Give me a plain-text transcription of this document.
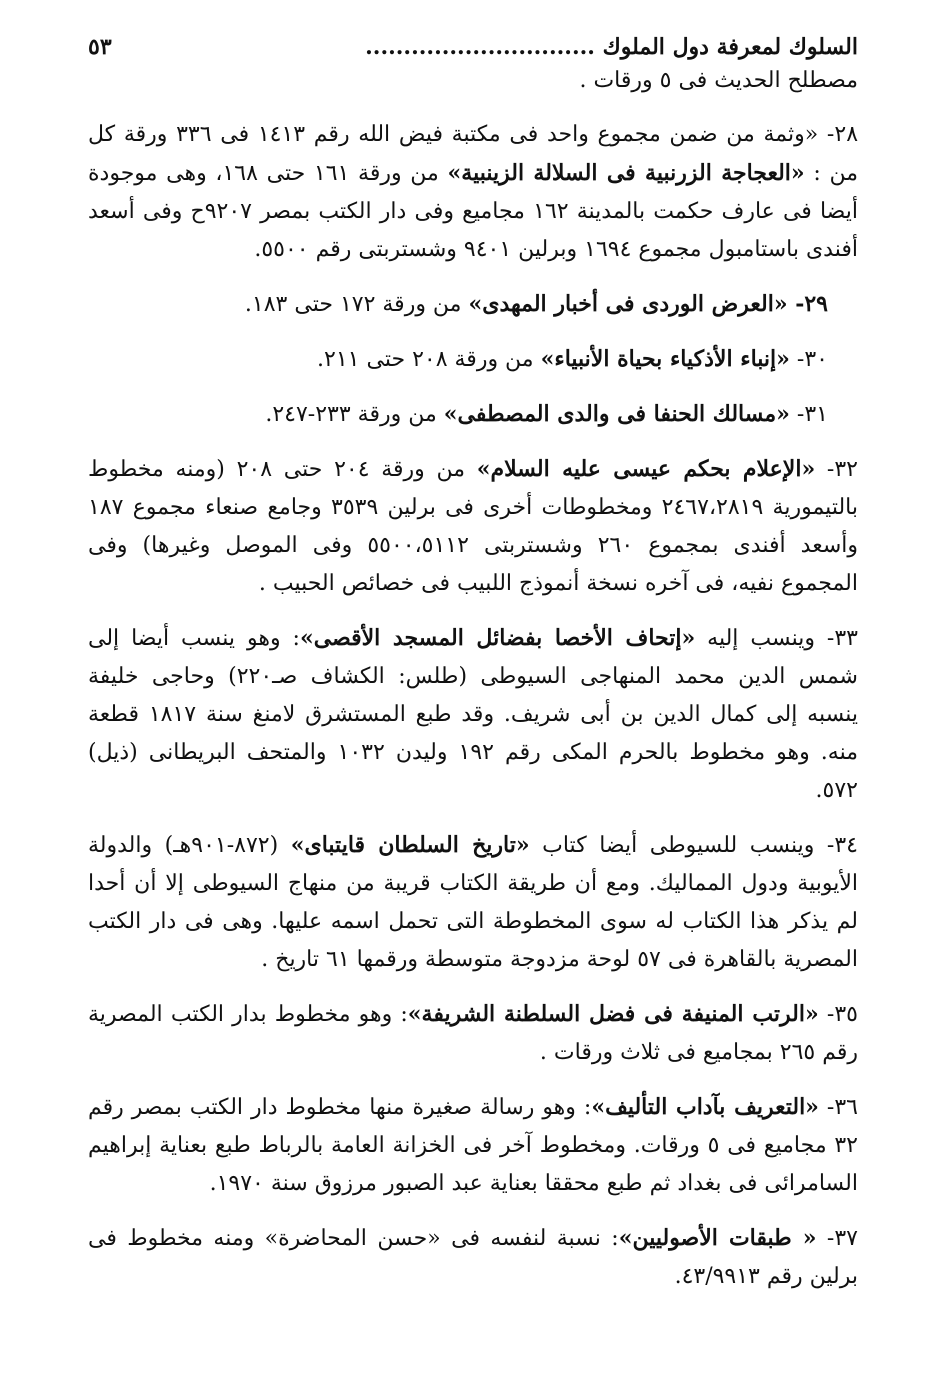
السلوك لمعرفة دول الملوك ..............................
٥٣

مصطلح الحديث فى ٥ ورقات .

٢٨- «وثمة من ضمن مجموع واحد فى مكتبة فيض الله رقم ١٤١٣ فى ٣٣٦ ورقة كل من : «العجاجة الزرنبية فى السلالة الزينبية» من ورقة ١٦١ حتى ١٦٨، وهى موجودة أيضا فى عارف حكمت بالمدينة ١٦٢ مجاميع وفى دار الكتب بمصر ٩٢٠٧ح وفى أسعد أفندى باستامبول مجموع ١٦٩٤ وبرلين ٩٤٠١ وشستربتى رقم ٥٥٠٠.

٢٩- «العرض الوردى فى أخبار المهدى» من ورقة ١٧٢ حتى ١٨٣.

٣٠- «إنباء الأذكياء بحياة الأنبياء» من ورقة ٢٠٨ حتى ٢١١.

٣١- «مسالك الحنفا فى والدى المصطفى» من ورقة ٢٣٣-٢٤٧.

٣٢- «الإعلام بحكم عيسى عليه السلام» من ورقة ٢٠٤ حتى ٢٠٨ (ومنه مخطوط بالتيمورية ٢٤٦٧،٢٨١٩ ومخطوطات أخرى فى برلين ٣٥٣٩ وجامع صنعاء مجموع ١٨٧ وأسعد أفندى بمجموع ٢٦٠ وشستربتى ٥٥٠٠،٥١١٢ وفى الموصل وغيرها) وفى المجموع نفيه، فى آخره نسخة أنموذج اللبيب فى خصائص الحبيب .

٣٣- وينسب إليه «إتحاف الأخصا بفضائل المسجد الأقصى»: وهو ينسب أيضا إلى شمس الدين محمد المنهاجى السيوطى (طلس: الكشاف صـ٢٢٠) وحاجى خليفة ينسبه إلى كمال الدين بن أبى شريف. وقد طبع المستشرق لامنغ سنة ١٨١٧ قطعة منه. وهو مخطوط بالحرم المكى رقم ١٩٢ وليدن ١٠٣٢ والمتحف البريطانى (ذيل) ٥٧٢.

٣٤- وينسب للسيوطى أيضا كتاب «تاريخ السلطان قايتباى» (٨٧٢-٩٠١هـ) والدولة الأيوبية ودول المماليك. ومع أن طريقة الكتاب قريبة من منهاج السيوطى إلا أن أحدا لم يذكر هذا الكتاب له سوى المخطوطة التى تحمل اسمه عليها. وهى فى دار الكتب المصرية بالقاهرة فى ٥٧ لوحة مزدوجة متوسطة ورقمها ٦١ تاريخ .

٣٥- «الرتب المنيفة فى فضل السلطنة الشريفة»: وهو مخطوط بدار الكتب المصرية رقم ٢٦٥ بمجاميع فى ثلاث ورقات .

٣٦- «التعريف بآداب التأليف»: وهو رسالة صغيرة منها مخطوط دار الكتب بمصر رقم ٣٢ مجاميع فى ٥ ورقات. ومخطوط آخر فى الخزانة العامة بالرباط طبع بعناية إبراهيم السامرائى فى بغداد ثم طبع محققا بعناية عبد الصبور مرزوق سنة ١٩٧٠.

٣٧- « طبقات الأصوليين»: نسبة لنفسه فى «حسن المحاضرة» ومنه مخطوط فى برلين رقم ٤٣/٩٩١٣.
